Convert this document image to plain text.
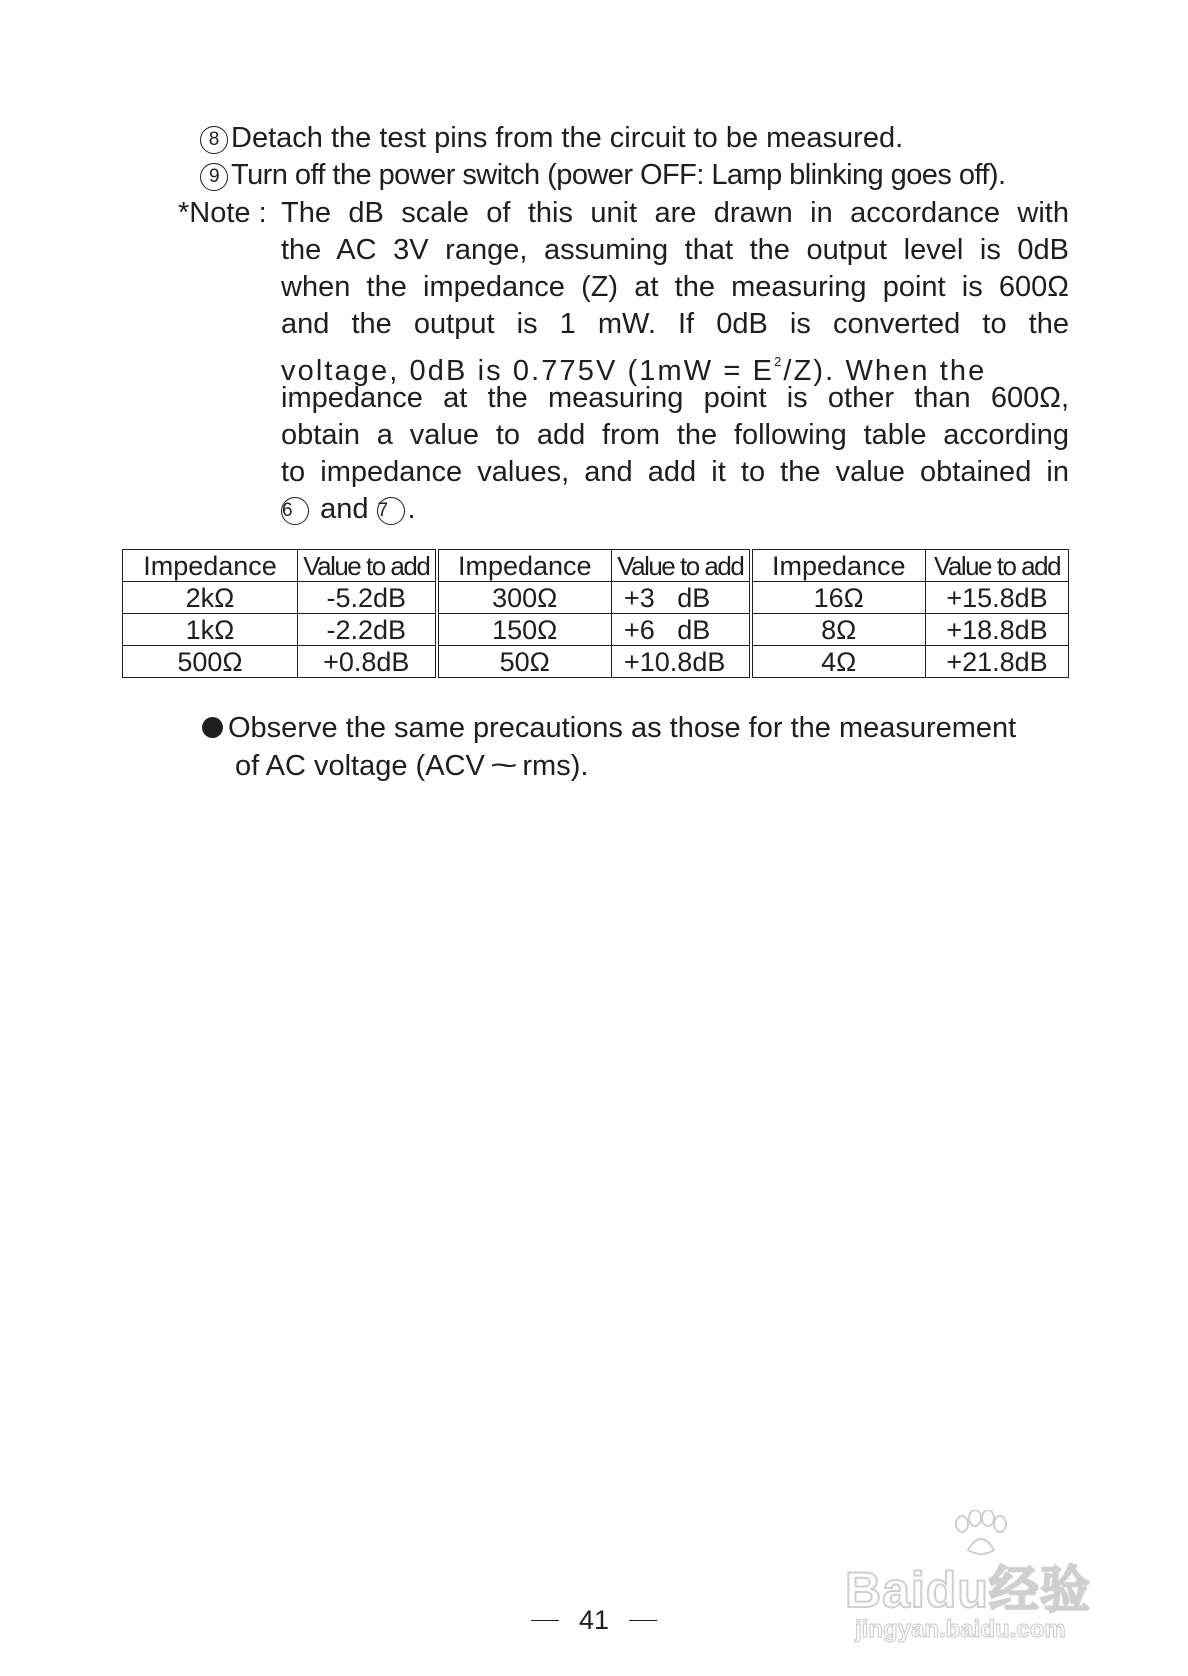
8 Detach the test pins from the circuit to be measured.
9 Turn off the power switch (power OFF: Lamp blinking goes off).
*Note : The dB scale of this unit are drawn in accordance with
the AC 3V range, assuming that the output level is 0dB
when the impedance (Z) at the measuring point is 600Ω
and the output is 1 mW. If 0dB is converted to the
voltage, 0dB is 0.775V $(1mW = E^2/Z)$. When the
impedance at the measuring point is other than 600Ω,
obtain a value to add from the following table according
to impedance values, and add it to the value obtained in
6 and 7 .
Impedance	Value to add	Impedance	Value to add	Impedance	Value to add
2kΩ	-5.2dB	300Ω	+3   dB	16Ω	+15.8dB
1kΩ	-2.2dB	150Ω	+6   dB	8Ω	+18.8dB
500Ω	+0.8dB	50Ω	+10.8dB	4Ω	+21.8dB
Observe the same precautions as those for the measurement
of AC voltage (ACV ~ rms).
41
Baidu经验
jingyan.baidu.com
